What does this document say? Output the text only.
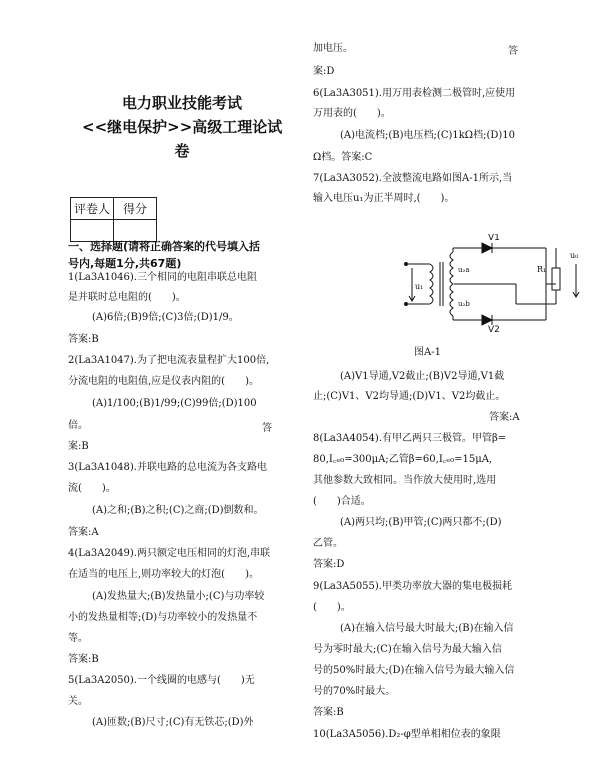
电力职业技能考试
<<继电保护>>高级工理论试
卷
评卷人	得分

一、选择题(请将正确答案的代号填入括
号内,每题1分,共67题)
1(La3A1046).三个相同的电阻串联总电阻
是并联时总电阻的(　　)。
(A)6倍;(B)9倍;(C)3倍;(D)1/9。
答案:B
2(La3A1047).为了把电流表量程扩大100倍,
分流电阻的电阻值,应是仪表内阻的(　　)。
(A)1/100;(B)1/99;(C)99倍;(D)100
倍。	答
案:B
3(La3A1048).并联电路的总电流为各支路电
流(　　)。
(A)之和;(B)之积;(C)之商;(D)倒数和。
答案:A
4(La3A2049).两只额定电压相同的灯泡,串联
在适当的电压上,则功率较大的灯泡(　　)。
(A)发热量大;(B)发热量小;(C)与功率较
小的发热量相等;(D)与功率较小的发热量不
等。
答案:B
5(La3A2050).一个线圈的电感与(　　)无
关。
(A)匝数;(B)尺寸;(C)有无铁芯;(D)外
加电压。	答
案:D
6(La3A3051).用万用表检测二极管时,应使用
万用表的(　　)。
(A)电流档;(B)电压档;(C)1kΩ档;(D)10
Ω档。答案:C
7(La3A3052).全波整流电路如图A-1所示,当
输入电压u₁为正半周时,(　　)。
V1
V2
R₁
u₀
u₁
u₂a
u₂b
图A-1
(A)V1导通,V2截止;(B)V2导通,V1截
止;(C)V1、V2均导通;(D)V1、V2均截止。
答案:A
8(La3A4054).有甲乙两只三极管。甲管β=
80,I꜀ₑ₀=300μA;乙管β=60,I꜀ₑ₀=15μA,
其他参数大致相同。当作放大使用时,选用
(　　)合适。
(A)两只均;(B)甲管;(C)两只都不;(D)
乙管。
答案:D
9(La3A5055).甲类功率放大器的集电极损耗
(　　)。
(A)在输入信号最大时最大;(B)在输入信
号为零时最大;(C)在输入信号为最大输入信
号的50%时最大;(D)在输入信号为最大输入信
号的70%时最大。
答案:B
10(La3A5056).D₂-φ型单相相位表的象限
